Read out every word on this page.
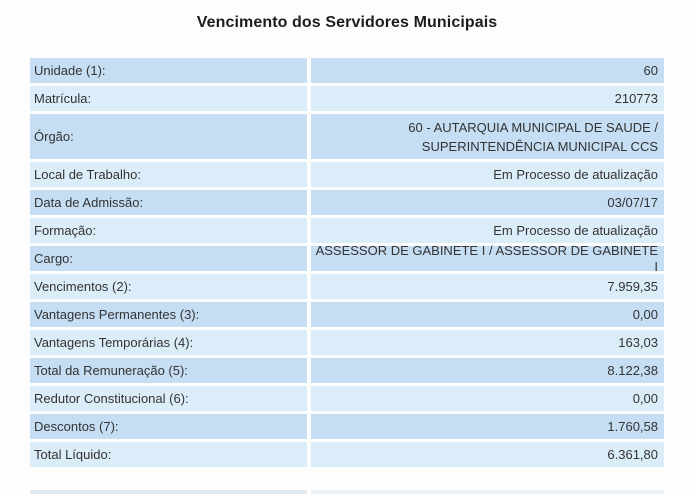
Vencimento dos Servidores Municipais
Unidade (1):	60
Matrícula:	210773
Órgão:
60 - AUTARQUIA MUNICIPAL DE SAUDE / SUPERINTENDÊNCIA MUNICIPAL CCS
Local de Trabalho:	Em Processo de atualização
Data de Admissão:	03/07/17
Formação:	Em Processo de atualização
Cargo:
ASSESSOR DE GABINETE I / ASSESSOR DE GABINETE I
Vencimentos (2):	7.959,35
Vantagens Permanentes (3):	0,00
Vantagens Temporárias (4):	163,03
Total da Remuneração (5):	8.122,38
Redutor Constitucional (6):	0,00
Descontos (7):	1.760,58
Total Líquido:	6.361,80
